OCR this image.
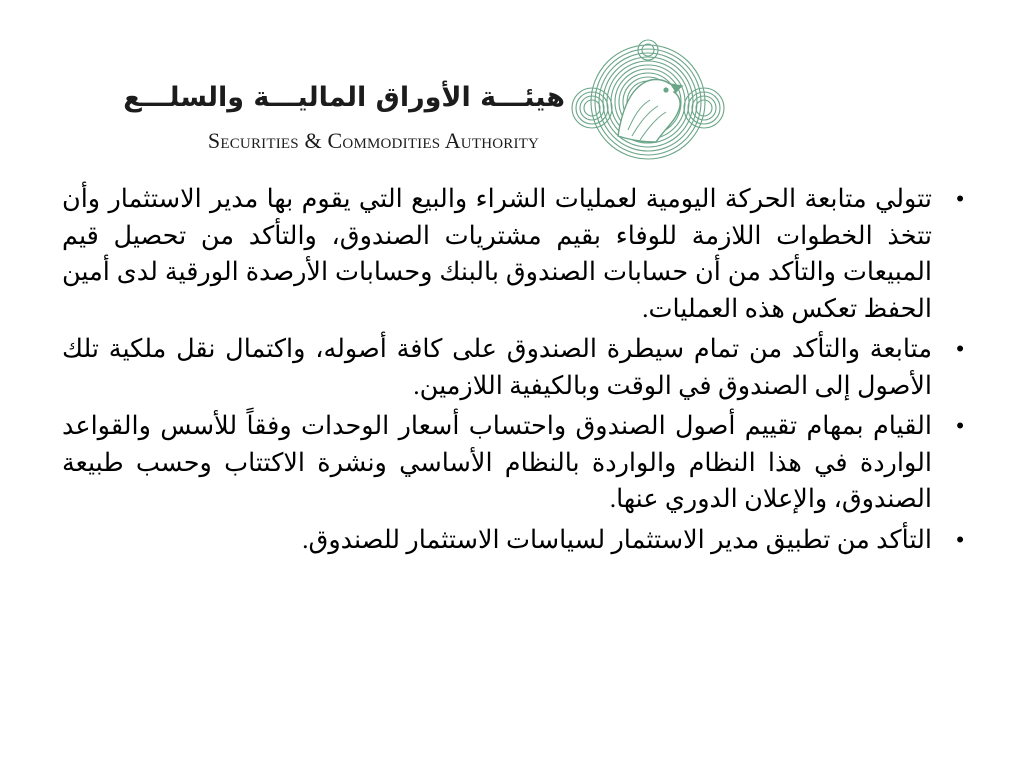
هيئـــة الأوراق الماليـــة والسلـــع
Securities & Commodities Authority
•
تتولي متابعة الحركة اليومية لعمليات الشراء والبيع التي يقوم بها مدير الاستثمار وأن تتخذ الخطوات اللازمة للوفاء بقيم مشتريات الصندوق، والتأكد من تحصيل قيم المبيعات والتأكد من أن حسابات الصندوق بالبنك وحسابات الأرصدة الورقية لدى أمين الحفظ تعكس هذه العمليات.
•
متابعة والتأكد من تمام سيطرة الصندوق على كافة أصوله، واكتمال نقل ملكية تلك الأصول إلى الصندوق في الوقت وبالكيفية اللازمين.
•
القيام بمهام تقييم أصول الصندوق واحتساب أسعار الوحدات وفقاً للأسس والقواعد الواردة في هذا النظام والواردة بالنظام الأساسي ونشرة الاكتتاب وحسب طبيعة الصندوق، والإعلان الدوري عنها.
•
التأكد من تطبيق مدير الاستثمار لسياسات الاستثمار للصندوق.
